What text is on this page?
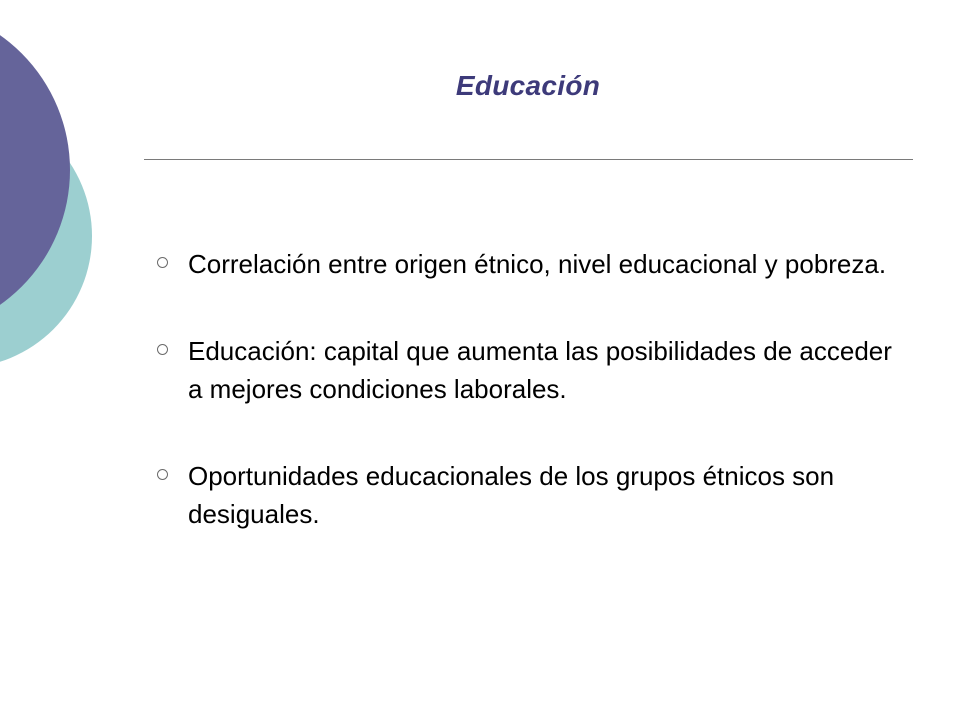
Educación
Correlación entre origen étnico, nivel educacional y pobreza.
Educación: capital que aumenta las posibilidades de acceder a mejores condiciones laborales.
Oportunidades educacionales de los grupos étnicos son desiguales.
